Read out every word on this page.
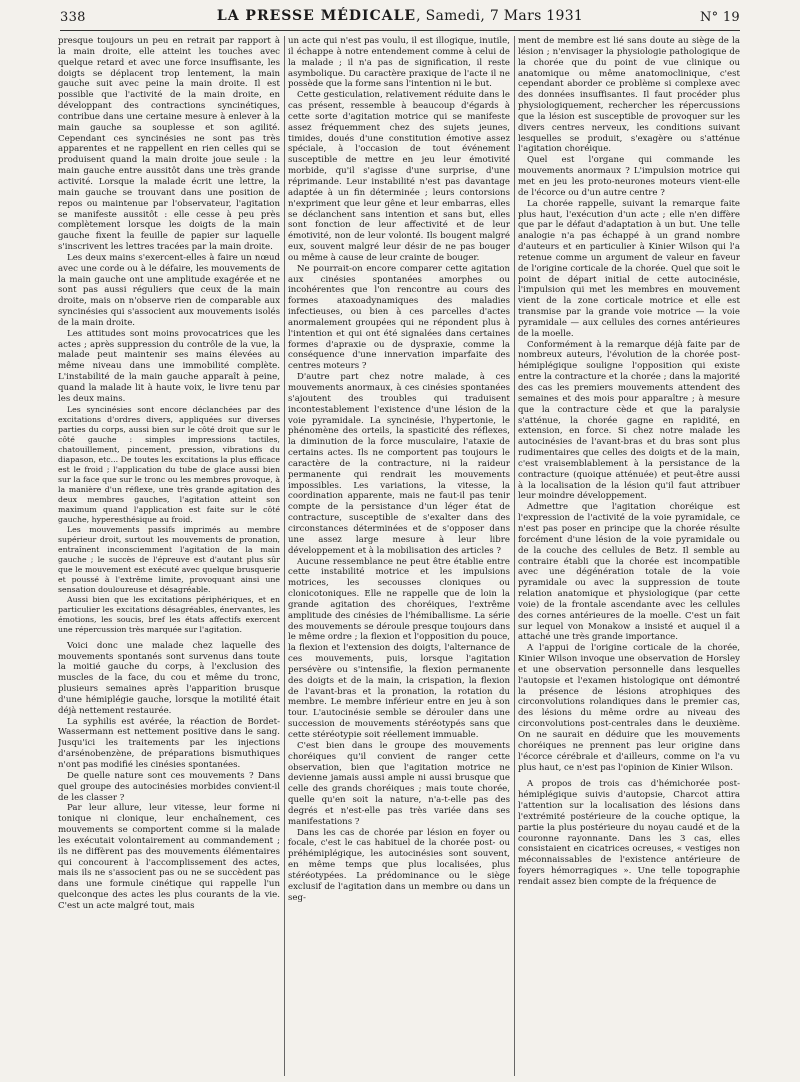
338	LA PRESSE MÉDICALE, Samedi, 7 Mars 1931	N° 19

presque toujours un peu en retrait par rapport à la main droite, elle atteint les touches avec quelque retard et avec une force insuffisante, les doigts se déplacent trop lentement, la main gauche suit avec peine la main droite. Il est possible que l'activité de la main droite, en développant des contractions syncinétiques, contribue dans une certaine mesure à enlever à la main gauche sa souplesse et son agilité. Cependant ces syncinésies ne sont pas très apparentes et ne rappellent en rien celles qui se produisent quand la main droite joue seule : la main gauche entre aussitôt dans une très grande activité. Lorsque la malade écrit une lettre, la main gauche se trouvant dans une position de repos ou maintenue par l'observateur, l'agitation se manifeste aussitôt : elle cesse à peu près complètement lorsque les doigts de la main gauche fixent la feuille de papier sur laquelle s'inscrivent les lettres tracées par la main droite.

Les deux mains s'exercent-elles à faire un nœud avec une corde ou à le défaire, les mouvements de la main gauche ont une amplitude exagérée et ne sont pas aussi réguliers que ceux de la main droite, mais on n'observe rien de comparable aux syncinésies qui s'associent aux mouvements isolés de la main droite.

Les attitudes sont moins provocatrices que les actes ; après suppression du contrôle de la vue, la malade peut maintenir ses mains élevées au même niveau dans une immobilité complète. L'instabilité de la main gauche apparaît à peine, quand la malade lit à haute voix, le livre tenu par les deux mains.

Les syncinésies sont encore déclanchées par des excitations d'ordres divers, appliquées sur diverses parties du corps, aussi bien sur le côté droit que sur le côté gauche : simples impressions tactiles, chatouillement, pincement, pression, vibrations du diapason, etc... De toutes les excitations la plus efficace est le froid ; l'application du tube de glace aussi bien sur la face que sur le tronc ou les membres provoque, à la manière d'un réflexe, une très grande agitation des deux membres gauches, l'agitation atteint son maximum quand l'application est faite sur le côté gauche, hyperesthésique au froid.

Les mouvements passifs imprimés au membre supérieur droit, surtout les mouvements de pronation, entraînent inconsciemment l'agitation de la main gauche ; le succès de l'épreuve est d'autant plus sûr que le mouvement est exécuté avec quelque brusquerie et poussé à l'extrême limite, provoquant ainsi une sensation douloureuse et désagréable.

Aussi bien que les excitations périphériques, et en particulier les excitations désagréables, énervantes, les émotions, les soucis, bref les états affectifs exercent une répercussion très marquée sur l'agitation.

Voici donc une malade chez laquelle des mouvements spontanés sont survenus dans toute la moitié gauche du corps, à l'exclusion des muscles de la face, du cou et même du tronc, plusieurs semaines après l'apparition brusque d'une hémiplégie gauche, lorsque la motilité était déjà nettement restaurée.

La syphilis est avérée, la réaction de Bordet-Wassermann est nettement positive dans le sang. Jusqu'ici les traitements par les injections d'arsénobenzène, de préparations bismuthiques n'ont pas modifié les cinésies spontanées.

De quelle nature sont ces mouvements ? Dans quel groupe des autocinésies morbides convient-il de les classer ?

Par leur allure, leur vitesse, leur forme ni tonique ni clonique, leur enchaînement, ces mouvements se comportent comme si la malade les exécutait volontairement au commandement ; ils ne diffèrent pas des mouvements élémentaires qui concourent à l'accomplissement des actes, mais ils ne s'associent pas ou ne se succèdent pas dans une formule cinétique qui rappelle l'un quelconque des actes les plus courants de la vie. C'est un acte malgré tout, mais

un acte qui n'est pas voulu, il est illogique, inutile, il échappe à notre entendement comme à celui de la malade ; il n'a pas de signification, il reste asymbolique. Du caractère praxique de l'acte il ne possède que la forme sans l'intention ni le but.

Cette gesticulation, relativement réduite dans le cas présent, ressemble à beaucoup d'égards à cette sorte d'agitation motrice qui se manifeste assez fréquemment chez des sujets jeunes, timides, doués d'une constitution émotive assez spéciale, à l'occasion de tout événement susceptible de mettre en jeu leur émotivité morbide, qu'il s'agisse d'une surprise, d'une réprimande. Leur instabilité n'est pas davantage adaptée à un fin déterminée ; leurs contorsions n'expriment que leur gêne et leur embarras, elles se déclanchent sans intention et sans but, elles sont fonction de leur affectivité et de leur émotivité, non de leur volonté. Ils bougent malgré eux, souvent malgré leur désir de ne pas bouger ou même à cause de leur crainte de bouger.

Ne pourrait-on encore comparer cette agitation aux cinésies spontanées amorphes ou incohérentes que l'on rencontre au cours des formes ataxoadynamiques des maladies infectieuses, ou bien à ces parcelles d'actes anormalement groupées qui ne répondent plus à l'intention et qui ont été signalées dans certaines formes d'apraxie ou de dyspraxie, comme la conséquence d'une innervation imparfaite des centres moteurs ?

D'autre part chez notre malade, à ces mouvements anormaux, à ces cinésies spontanées s'ajoutent des troubles qui traduisent incontestablement l'existence d'une lésion de la voie pyramidale. La syncinésie, l'hypertonie, le phénomène des orteils, la spasticité des réflexes, la diminution de la force musculaire, l'ataxie de certains actes. Ils ne comportent pas toujours le caractère de la contracture, ni la raideur permanente qui rendrait les mouvements impossibles. Les variations, la vitesse, la coordination apparente, mais ne faut-il pas tenir compte de la persistance d'un léger état de contracture, susceptible de s'exalter dans des circonstances déterminées et de s'opposer dans une assez large mesure à leur libre développement et à la mobilisation des articles ?

Aucune ressemblance ne peut être établie entre cette instabilité motrice et les impulsions motrices, les secousses cloniques ou clonicotoniques. Elle ne rappelle que de loin la grande agitation des choréiques, l'extrême amplitude des cinésies de l'hémiballisme. La série des mouvements se déroule presque toujours dans le même ordre ; la flexion et l'opposition du pouce, la flexion et l'extension des doigts, l'alternance de ces mouvements, puis, lorsque l'agitation persévère ou s'intensifie, la flexion permanente des doigts et de la main, la crispation, la flexion de l'avant-bras et la pronation, la rotation du membre. Le membre inférieur entre en jeu à son tour. L'autocinésie semble se dérouler dans une succession de mouvements stéréotypés sans que cette stéréotypie soit réellement immuable.

C'est bien dans le groupe des mouvements choréiques qu'il convient de ranger cette observation, bien que l'agitation motrice ne devienne jamais aussi ample ni aussi brusque que celle des grands choréiques ; mais toute chorée, quelle qu'en soit la nature, n'a-t-elle pas des degrés et n'est-elle pas très variée dans ses manifestations ?

Dans les cas de chorée par lésion en foyer ou focale, c'est le cas habituel de la chorée post- ou préhémiplégique, les autocinésies sont souvent, en même temps que plus localisées, plus stéréotypées. La prédominance ou le siège exclusif de l'agitation dans un membre ou dans un seg-

ment de membre est lié sans doute au siège de la lésion ; n'envisager la physiologie pathologique de la chorée que du point de vue clinique ou anatomique ou même anatomoclinique, c'est cependant aborder ce problème si complexe avec des données insuffisantes. Il faut procéder plus physiologiquement, rechercher les répercussions que la lésion est susceptible de provoquer sur les divers centres nerveux, les conditions suivant lesquelles se produit, s'exagère ou s'atténue l'agitation choréique.

Quel est l'organe qui commande les mouvements anormaux ? L'impulsion motrice qui met en jeu les proto-neurones moteurs vient-elle de l'écorce ou d'un autre centre ?

La chorée rappelle, suivant la remarque faite plus haut, l'exécution d'un acte ; elle n'en diffère que par le défaut d'adaptation à un but. Une telle analogie n'a pas échappé à un grand nombre d'auteurs et en particulier à Kinier Wilson qui l'a retenue comme un argument de valeur en faveur de l'origine corticale de la chorée. Quel que soit le point de départ initial de cette autocinésie, l'impulsion qui met les membres en mouvement vient de la zone corticale motrice et elle est transmise par la grande voie motrice — la voie pyramidale — aux cellules des cornes antérieures de la moelle.

Conformément à la remarque déjà faite par de nombreux auteurs, l'évolution de la chorée post-hémiplégique souligne l'opposition qui existe entre la contracture et la chorée ; dans la majorité des cas les premiers mouvements attendent des semaines et des mois pour apparaître ; à mesure que la contracture cède et que la paralysie s'atténue, la chorée gagne en rapidité, en extension, en force. Si chez notre malade les autocinésies de l'avant-bras et du bras sont plus rudimentaires que celles des doigts et de la main, c'est vraisemblablement à la persistance de la contracture (quoique atténuée) et peut-être aussi à la localisation de la lésion qu'il faut attribuer leur moindre développement.

Admettre que l'agitation choréique est l'expression de l'activité de la voie pyramidale, ce n'est pas poser en principe que la chorée résulte forcément d'une lésion de la voie pyramidale ou de la couche des cellules de Betz. Il semble au contraire établi que la chorée est incompatible avec une dégénération totale de la voie pyramidale ou avec la suppression de toute relation anatomique et physiologique (par cette voie) de la frontale ascendante avec les cellules des cornes antérieures de la moelle. C'est un fait sur lequel von Monakow a insisté et auquel il a attaché une très grande importance.

A l'appui de l'origine corticale de la chorée, Kinier Wilson invoque une observation de Horsley et une observation personnelle dans lesquelles l'autopsie et l'examen histologique ont démontré la présence de lésions atrophiques des circonvolutions rolandiques dans le premier cas, des lésions du même ordre au niveau des circonvolutions post-centrales dans le deuxième. On ne saurait en déduire que les mouvements choréiques ne prennent pas leur origine dans l'écorce cérébrale et d'ailleurs, comme on l'a vu plus haut, ce n'est pas l'opinion de Kinier Wilson.

A propos de trois cas d'hémichorée post-hémiplégique suivis d'autopsie, Charcot attira l'attention sur la localisation des lésions dans l'extrémité postérieure de la couche optique, la partie la plus postérieure du noyau caudé et de la couronne rayonnante. Dans les 3 cas, elles consistaient en cicatrices ocreuses, « vestiges non méconnaissables de l'existence antérieure de foyers hémorragiques ». Une telle topographie rendait assez bien compte de la fréquence de
